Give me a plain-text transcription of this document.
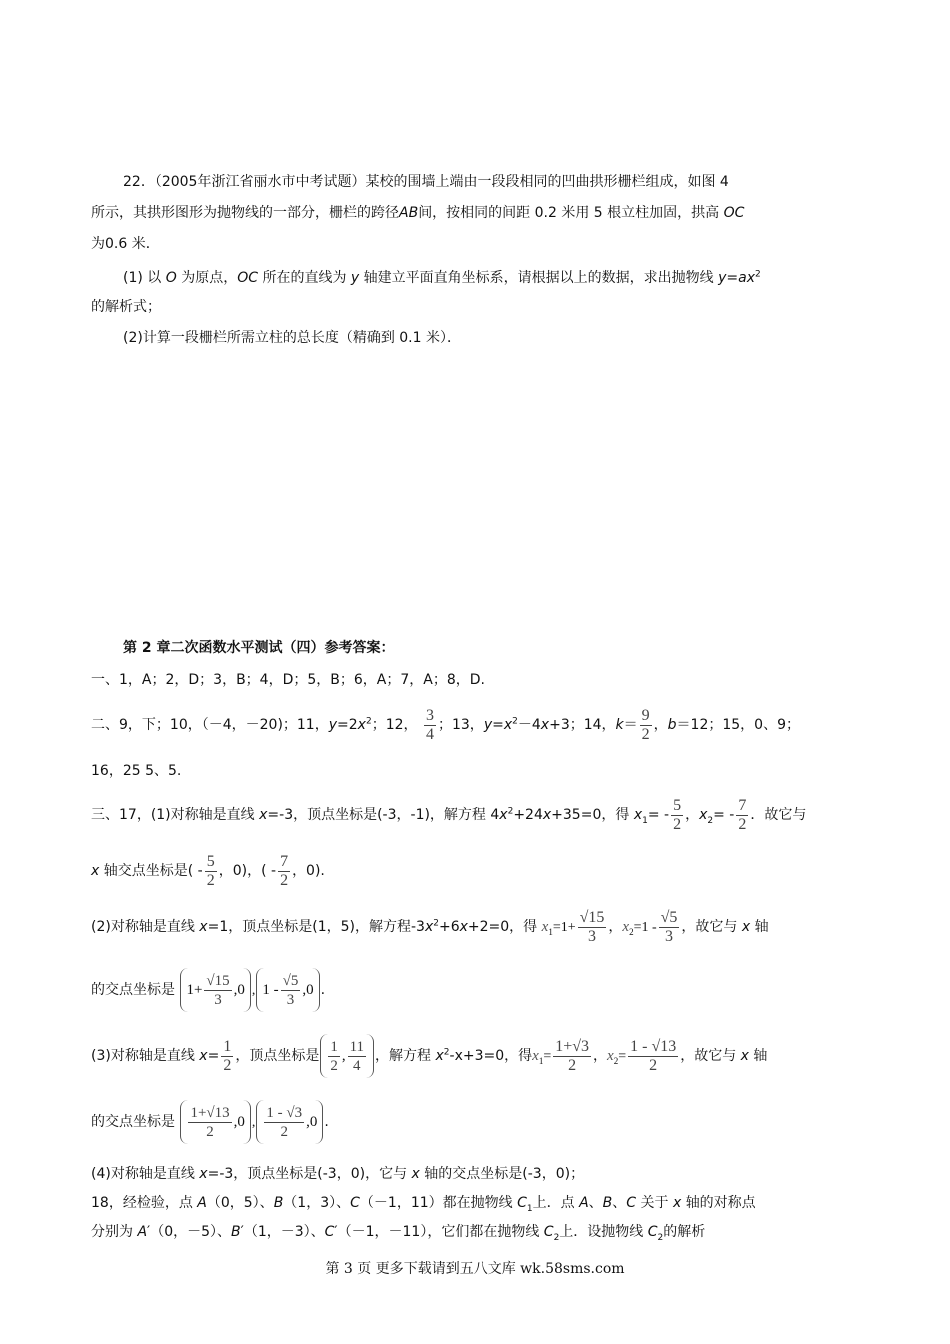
22．（2005年浙江省丽水市中考试题）某校的围墙上端由一段段相同的凹曲拱形栅栏组成，如图 4
所示，其拱形图形为抛物线的一部分，栅栏的跨径AB间，按相同的间距 0.2 米用 5 根立柱加固，拱高 OC
为0.6 米．
(1) 以 O 为原点，OC 所在的直线为 y 轴建立平面直角坐标系，请根据以上的数据，求出抛物线 $y=ax^2$
的解析式；
(2)计算一段栅栏所需立柱的总长度（精确到 0.1 米）．
第 2 章二次函数水平测试（四）参考答案：
一、1，A；2，D；3，B；4，D；5，B；6，A；7，A；8，D.
二、9，下；10，（－4，－20)；11，$y=2x^2$；12， $\frac{3}{4}$ ；13，$y=x^2-4x+3$；14，$k= \frac{9}{2}$ ，b＝12；15，0、9；
16，25 5、5.
三、17，(1)对称轴是直线 x=-3，顶点坐标是(-3，-1)，解方程 $4x^2+24x+35=0$，得 $x_1= - \frac{5}{2}$ ，$x_2= - \frac{7}{2}$ ．故它与
x 轴交点坐标是( - $\frac{5}{2}$ ，0)，( - $\frac{7}{2}$ ，0).
(2)对称轴是直线 x=1，顶点坐标是(1，5)，解方程$-3x^2+6x+2=0$，得 $x_1=1+ \frac{√15}{3}$ ，$x_2=1 - \frac{√5}{3}$ ，故它与 x 轴
的交点坐标是 $1+ \frac{√15}{3} ,0$ , $1 - \frac{√5}{3} ,0$ .
(3)对称轴是直线 $x= \frac{1}{2}$ ，顶点坐标是 $\frac{1}{2}$ , $\frac{11}{4}$ ，解方程 $x^2-x+3=0$，得$x_1= \frac{1+√3}{2}$ ，$x_2= \frac{1 - √13}{2}$ ，故它与 x 轴
的交点坐标是 $\frac{1+√13}{2} ,0$ , $\frac{1 - √3}{2} ,0$ .
(4)对称轴是直线 x=-3，顶点坐标是(-3，0)，它与 x 轴的交点坐标是(-3，0)；
18，经检验，点 A（0，5）、B（1，3）、C（－1，11）都在抛物线 $C_1$上．点 A、B、C 关于 x 轴的对称点
分别为 A′（0，－5）、B′（1，－3）、C′（－1，－11），它们都在抛物线 $C_2$上．设抛物线 $C_2$的解析
第 3 页 更多下载请到五八文库 wk.58sms.com
